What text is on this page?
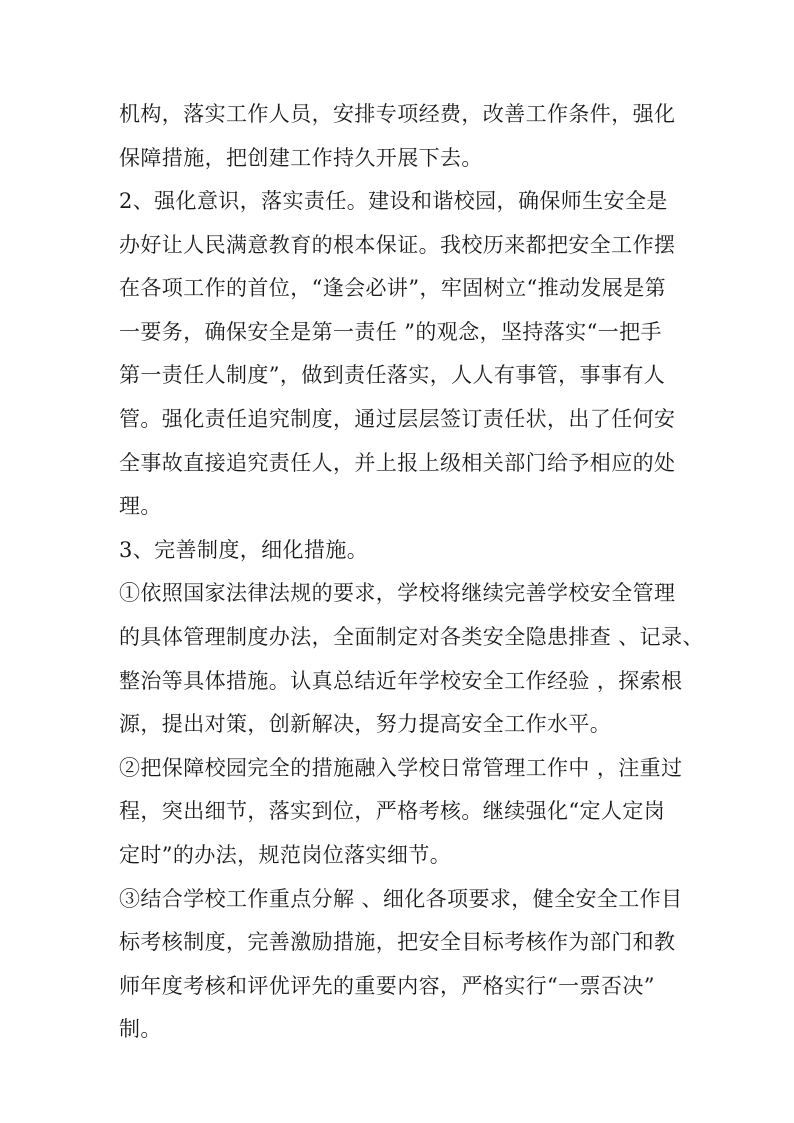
机构，落实工作人员，安排专项经费，改善工作条件，强化
保障措施，把创建工作持久开展下去。
2、强化意识，落实责任。建设和谐校园，确保师生安全是
办好让人民满意教育的根本保证。我校历来都把安全工作摆
在各项工作的首位，“逢会必讲”，牢固树立“推动发展是第
一要务，确保安全是第一责任 ”的观念，坚持落实“一把手
第一责任人制度”，做到责任落实，人人有事管，事事有人
管。强化责任追究制度，通过层层签订责任状，出了任何安
全事故直接追究责任人，并上报上级相关部门给予相应的处
理。
3、完善制度，细化措施。
①依照国家法律法规的要求，学校将继续完善学校安全管理
的具体管理制度办法，全面制定对各类安全隐患排查 、记录、
整治等具体措施。认真总结近年学校安全工作经验 ，探索根
源，提出对策，创新解决，努力提高安全工作水平。
②把保障校园完全的措施融入学校日常管理工作中 ，注重过
程，突出细节，落实到位，严格考核。继续强化“定人定岗
定时”的办法，规范岗位落实细节。
③结合学校工作重点分解 、细化各项要求，健全安全工作目
标考核制度，完善激励措施，把安全目标考核作为部门和教
师年度考核和评优评先的重要内容，严格实行“一票否决”
制。
